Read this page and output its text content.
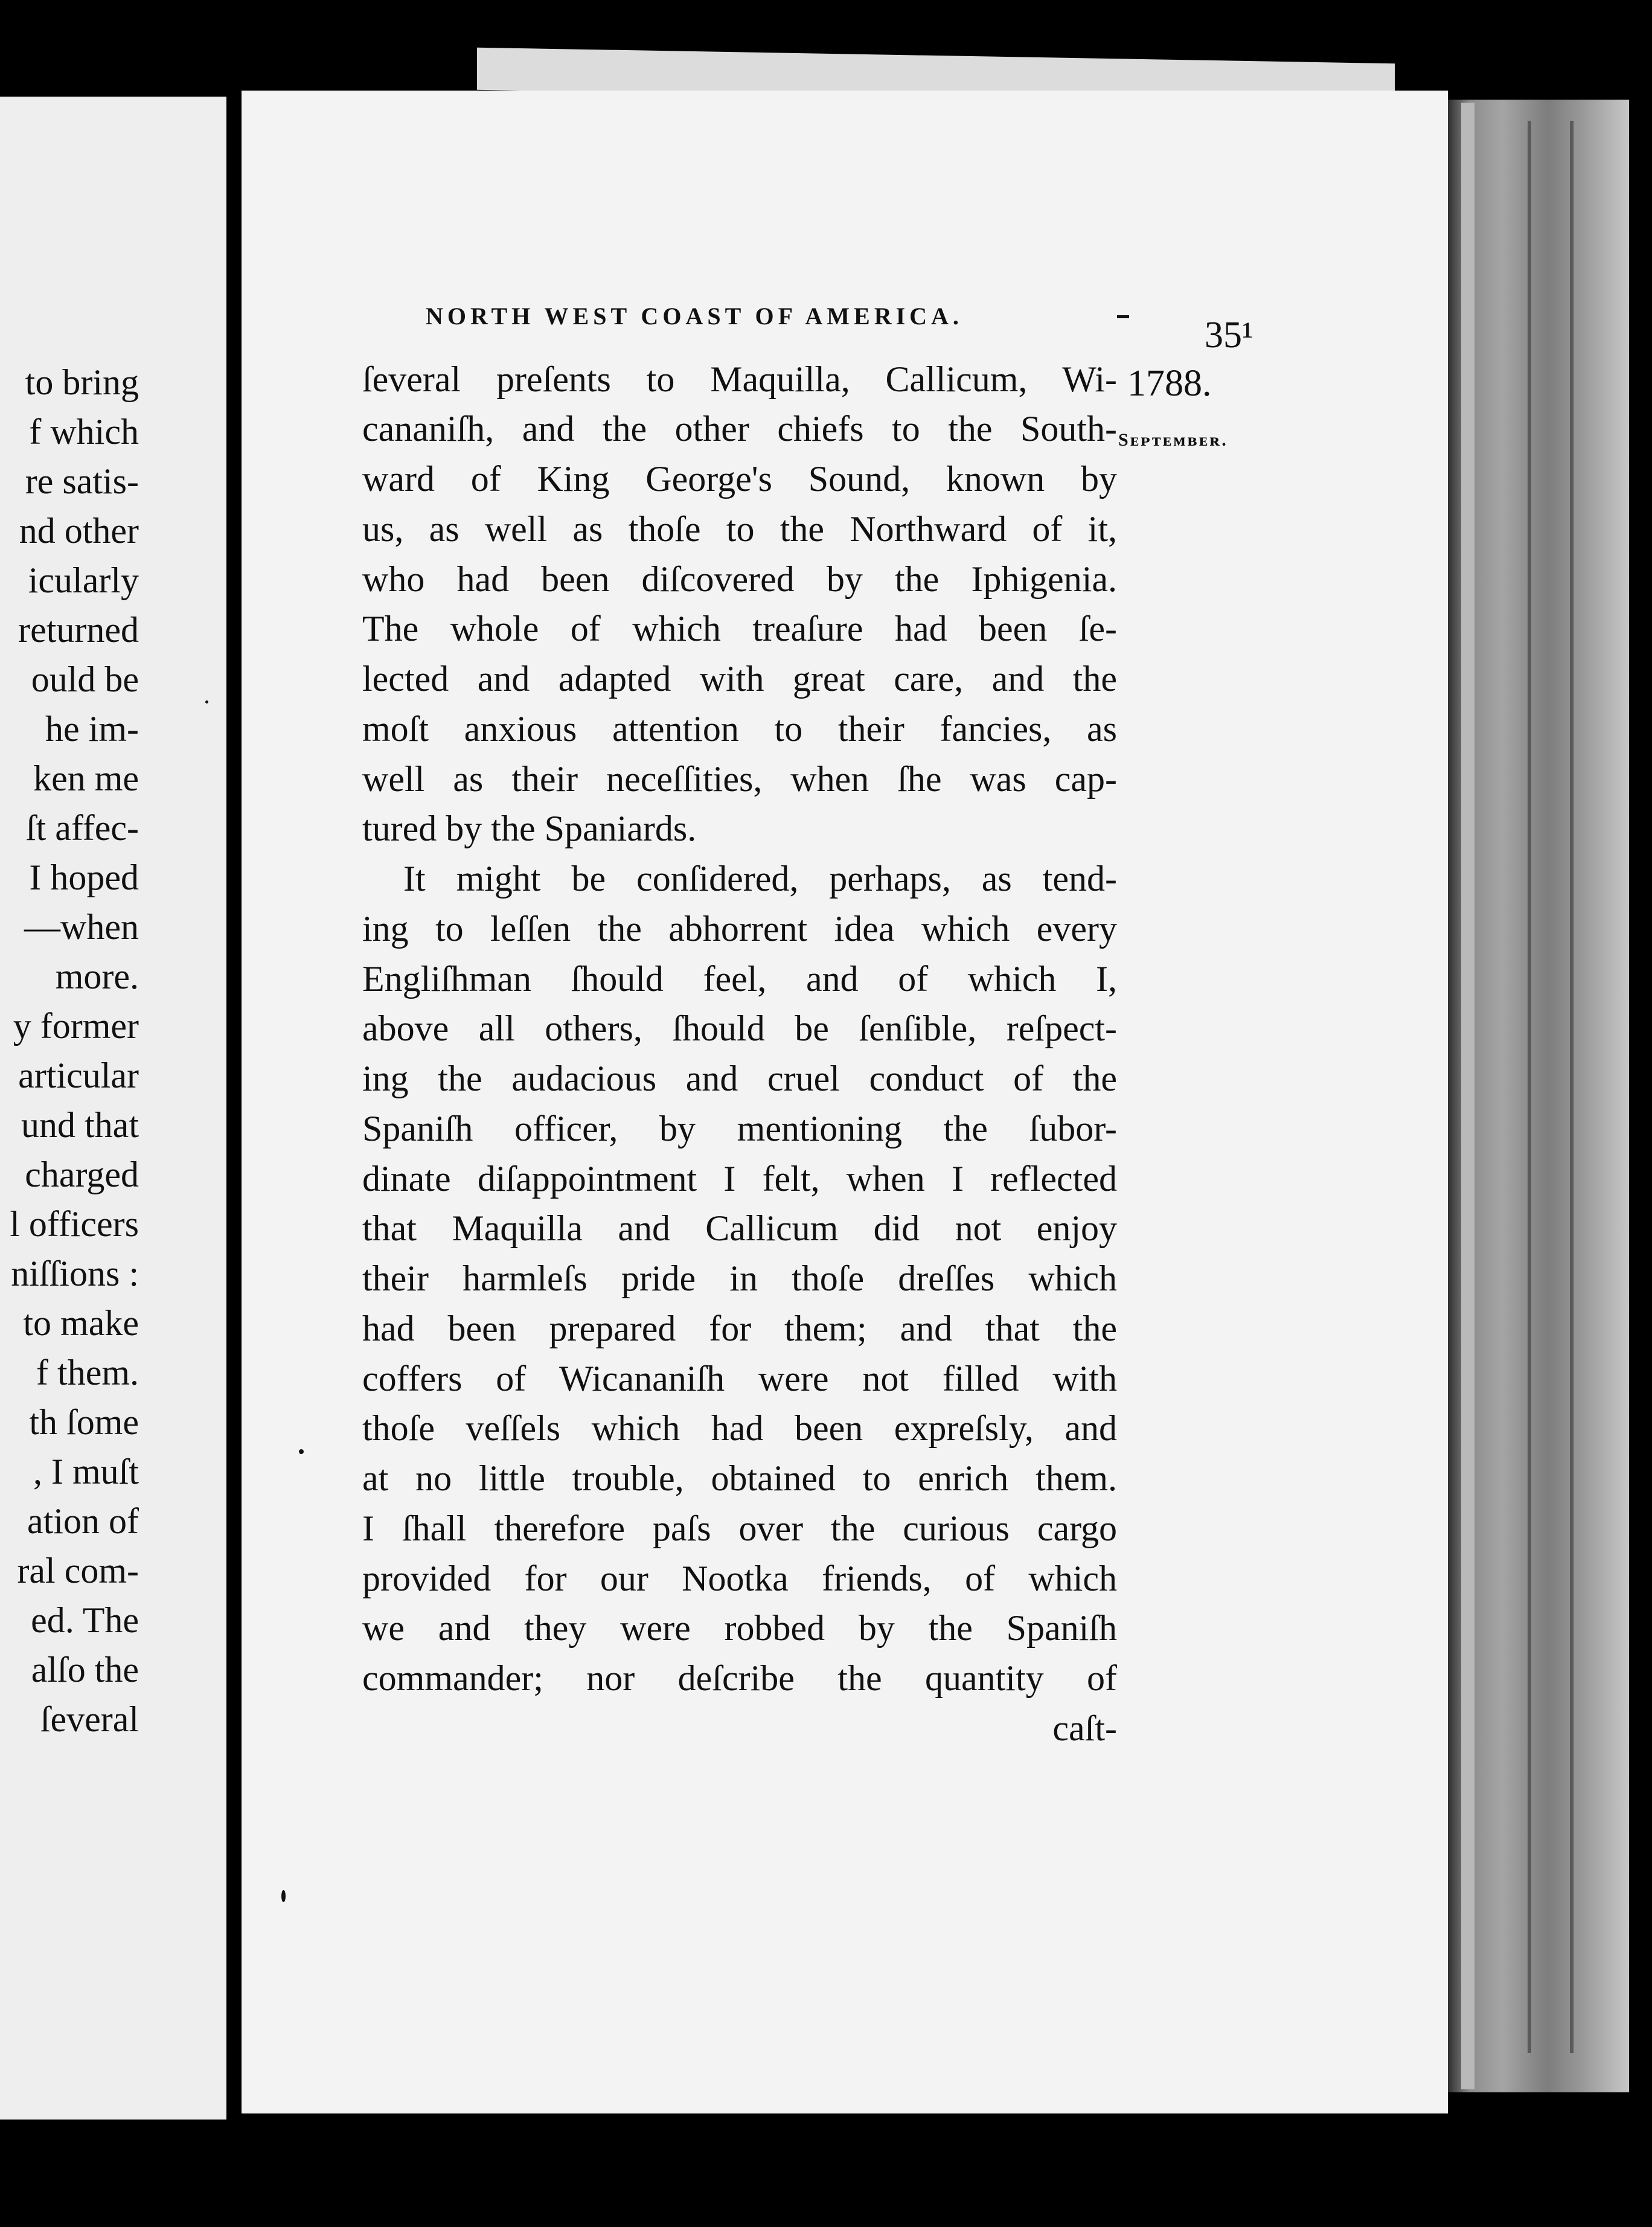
to bring
f which
re satis-
nd other
icularly
returned
ould be
he im-
ken me
ſt affec-
I hoped
—when
more.
y former
articular
und that
charged
l officers
niſſions :
to make
f them.
th ſome
, I muſt
ation of
ral com-
ed. The
alſo the
ſeveral
NORTH WEST COAST OF AMERICA.	35¹
1788.
Sᴇᴘᴛᴇᴍʙᴇʀ.
ſeveral preſents to Maquilla, Callicum, Wi-
cananiſh, and the other chiefs to the South-
ward of King George's Sound, known by
us, as well as thoſe to the Northward of it,
who had been diſcovered by the Iphigenia.
The whole of which treaſure had been ſe-
lected and adapted with great care, and the
moſt anxious attention to their fancies, as
well as their neceſſities, when ſhe was cap-
tured by the Spaniards.
It might be conſidered, perhaps, as tend-
ing to leſſen the abhorrent idea which every
Engliſhman ſhould feel, and of which I,
above all others, ſhould be ſenſible, reſpect-
ing the audacious and cruel conduct of the
Spaniſh officer, by mentioning the ſubor-
dinate diſappointment I felt, when I reflected
that Maquilla and Callicum did not enjoy
their harmleſs pride in thoſe dreſſes which
had been prepared for them; and that the
coffers of Wicananiſh were not filled with
thoſe veſſels which had been expreſsly, and
at no little trouble, obtained to enrich them.
I ſhall therefore paſs over the curious cargo
provided for our Nootka friends, of which
we and they were robbed by the Spaniſh
commander; nor deſcribe the quantity of
caſt-
